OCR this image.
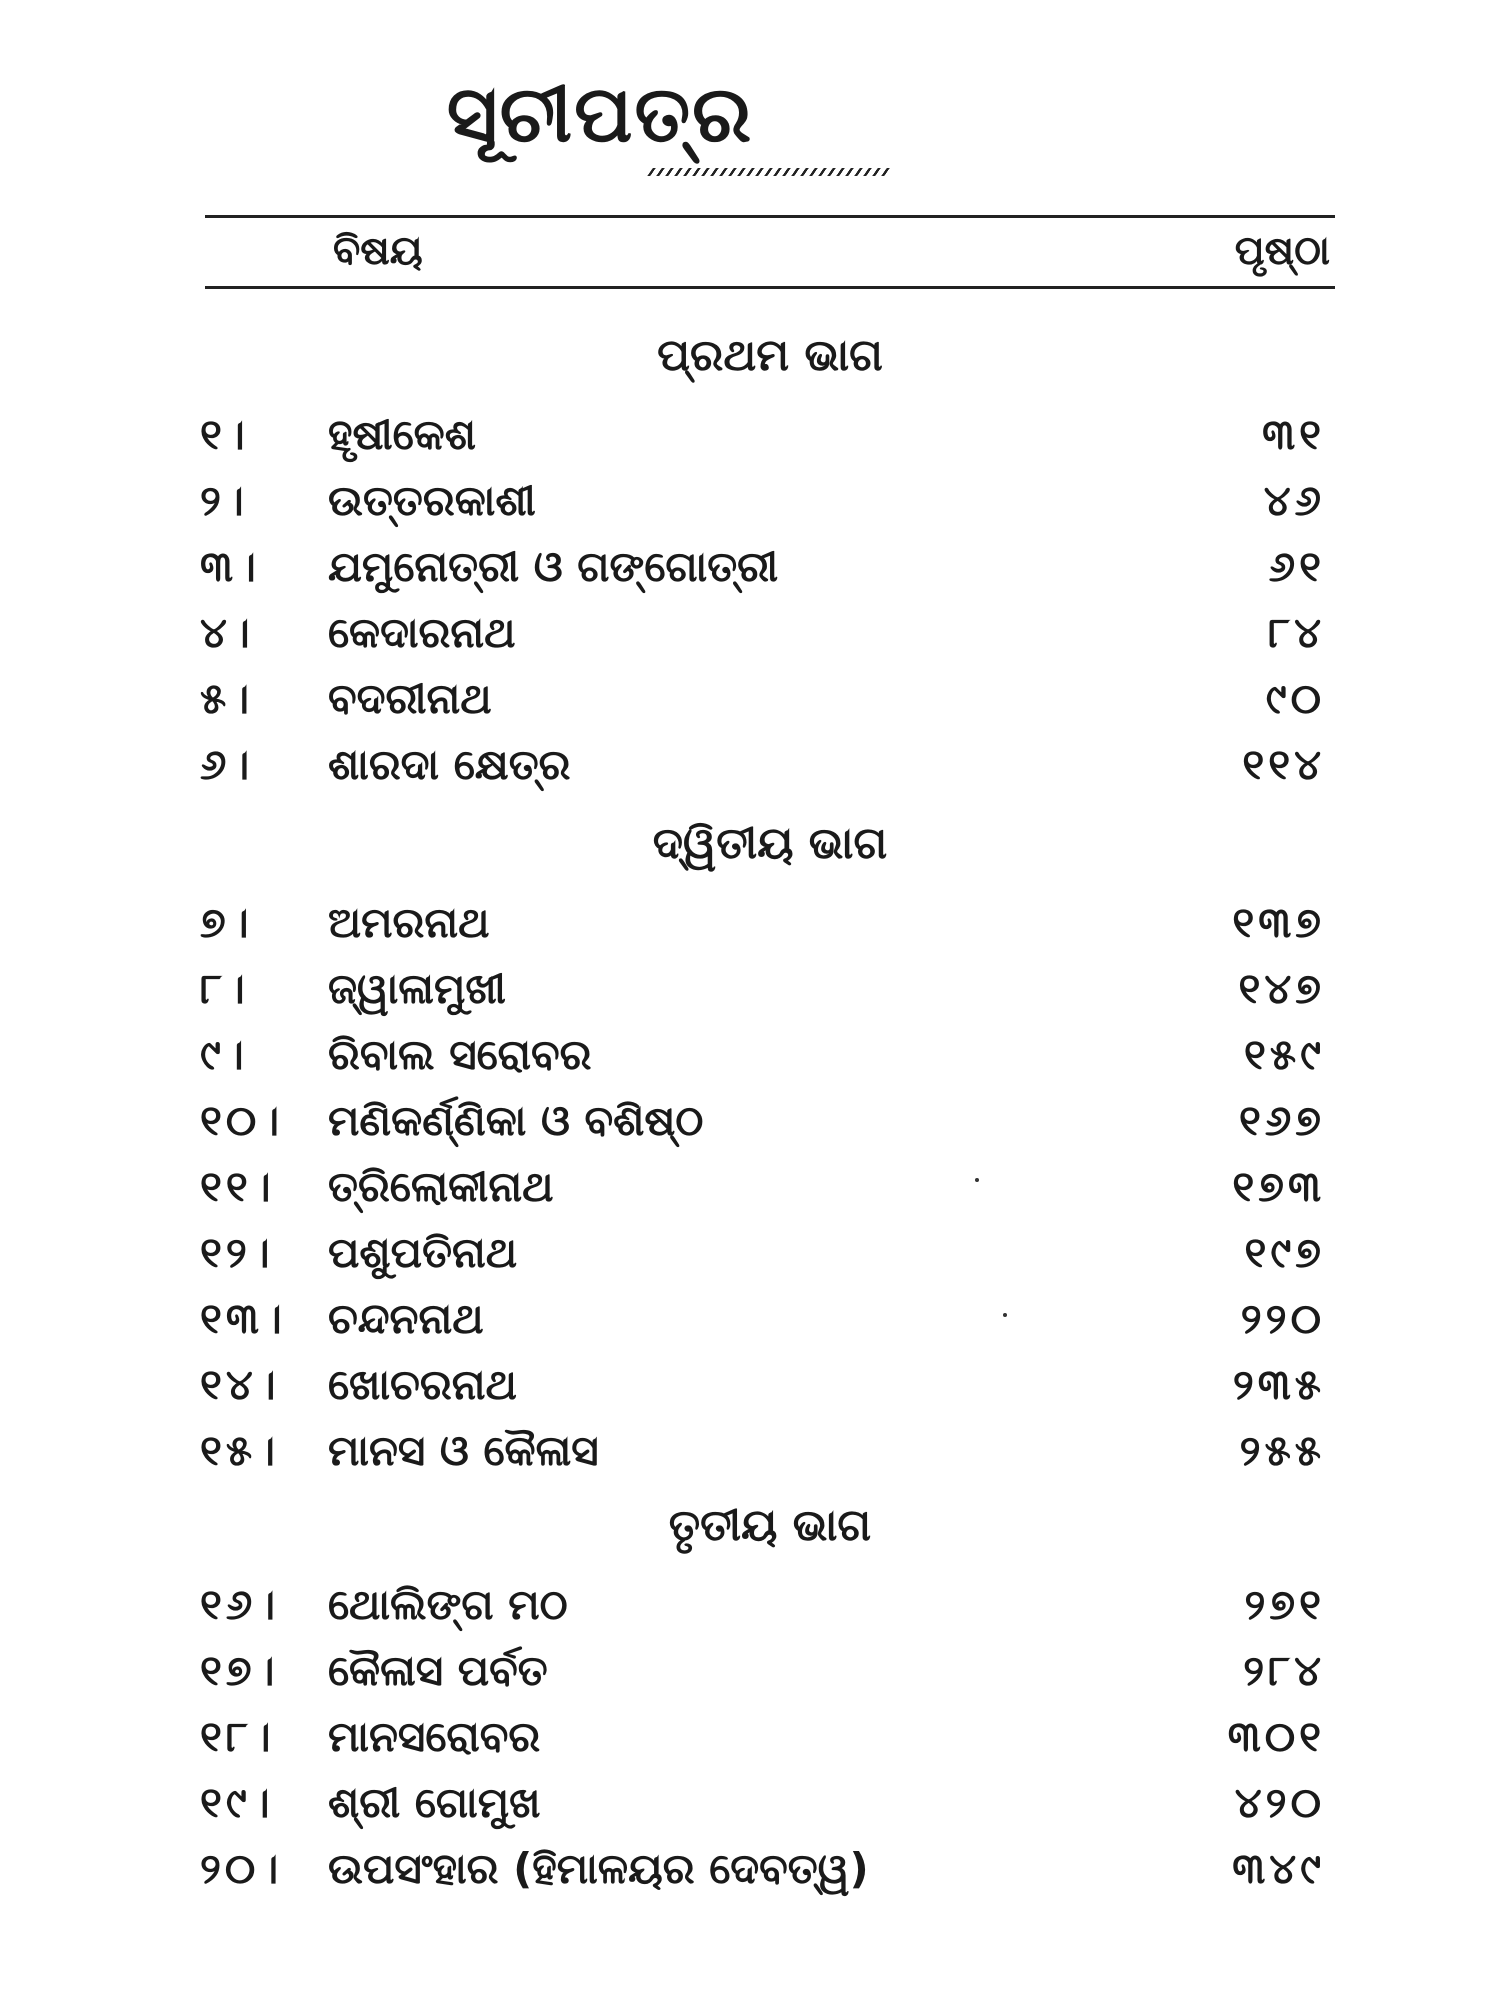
ସୂଚୀପତ୍ର
ବିଷୟ	ପୃଷ୍ଠା
ପ୍ରଥମ ଭାଗ
୧। ହୃଷୀକେଶ	୩୧
୨। ଉତ୍ତରକାଶୀ	୪୬
୩। ଯମୁନୋତ୍ରୀ ଓ ଗଙ୍ଗୋତ୍ରୀ	୬୧
୪। କେଦାରନାଥ	୮୪
୫। ବଦରୀନାଥ	୯୦
୬। ଶାରଦା କ୍ଷେତ୍ର	୧୧୪
ଦ୍ୱିତୀୟ ଭାଗ
୭। ଅମରନାଥ	୧୩୭
୮। ଜ୍ୱାଳାମୁଖୀ	୧୪୭
୯। ରିବାଲ ସରୋବର	୧୫୯
୧୦। ମଣିକର୍ଣ୍ଣିକା ଓ ବଶିଷ୍ଠ	୧୬୭
୧୧। ତ୍ରିଲୋକୀନାଥ	୧୭୩
୧୨। ପଶୁପତିନାଥ	୧୯୭
୧୩। ଚନ୍ଦନନାଥ	୨୨୦
୧୪। ଖୋଚରନାଥ	୨୩୫
୧୫। ମାନସ ଓ କୈଳାସ	୨୫୫
ତୃତୀୟ ଭାଗ
୧୬। ଥୋଲିଙ୍ଗ ମଠ	୨୭୧
୧୭। କୈଳାସ ପର୍ବତ	୨୮୪
୧୮। ମାନସରୋବର	୩୦୧
୧୯। ଶ୍ରୀ ଗୋମୁଖ	୪୨୦
୨୦। ଉପସଂହାର (ହିମାଳୟର ଦେବତ୍ୱ)	୩୪୯
